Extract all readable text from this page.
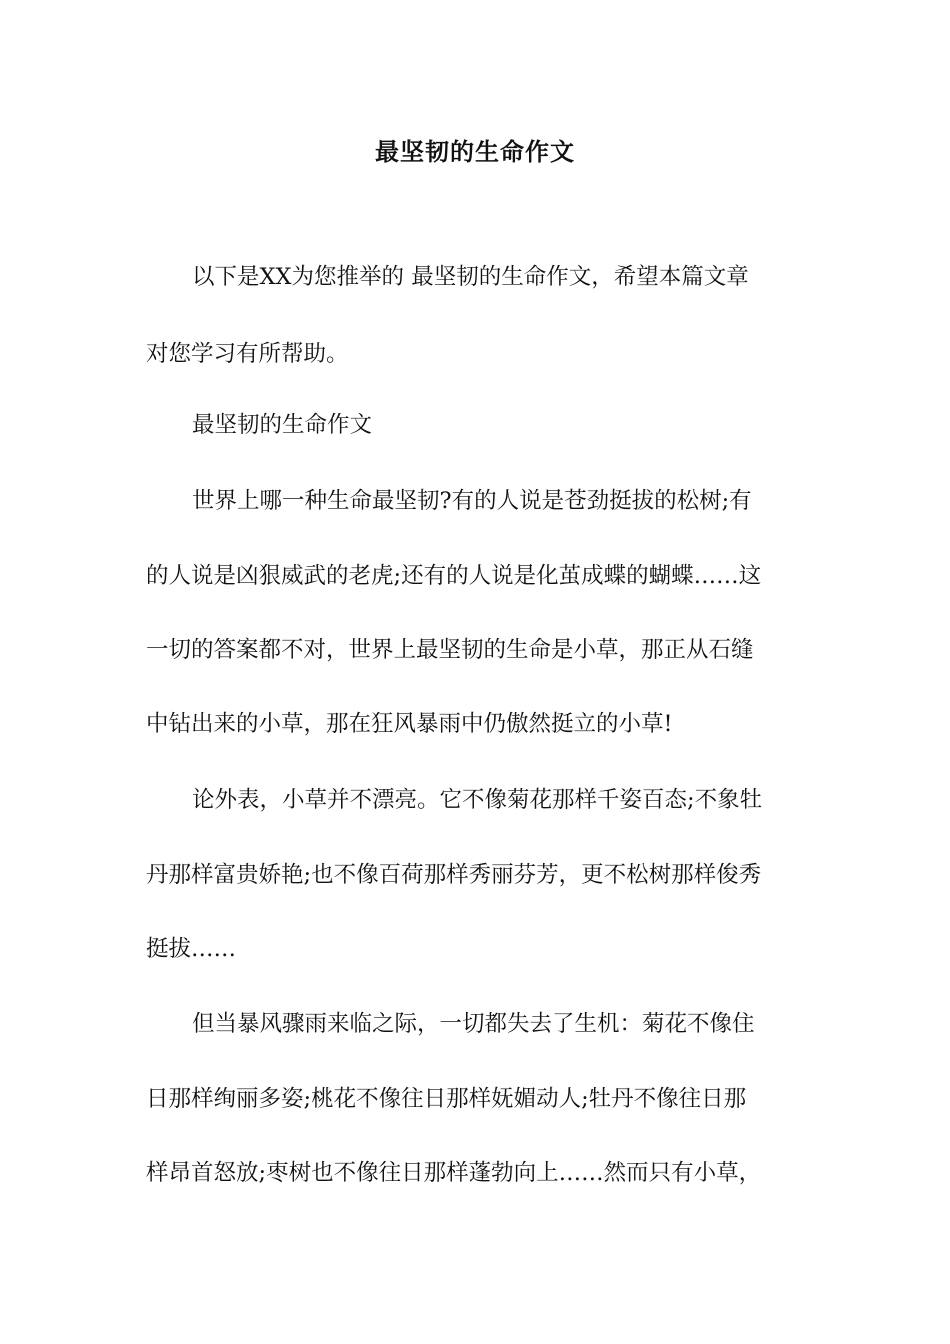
最坚韧的生命作文

以下是XX为您推举的 最坚韧的生命作文，希望本篇文章

对您学习有所帮助。

最坚韧的生命作文

世界上哪一种生命最坚韧?有的人说是苍劲挺拔的松树;有

的人说是凶狠威武的老虎;还有的人说是化茧成蝶的蝴蝶……这

一切的答案都不对，世界上最坚韧的生命是小草，那正从石缝

中钻出来的小草，那在狂风暴雨中仍傲然挺立的小草!

论外表，小草并不漂亮。它不像菊花那样千姿百态;不象牡

丹那样富贵娇艳;也不像百荷那样秀丽芬芳，更不松树那样俊秀

挺拔……

但当暴风骤雨来临之际，一切都失去了生机：菊花不像住

日那样绚丽多姿;桃花不像往日那样妩媚动人;牡丹不像往日那

样昂首怒放;枣树也不像往日那样蓬勃向上……然而只有小草，
